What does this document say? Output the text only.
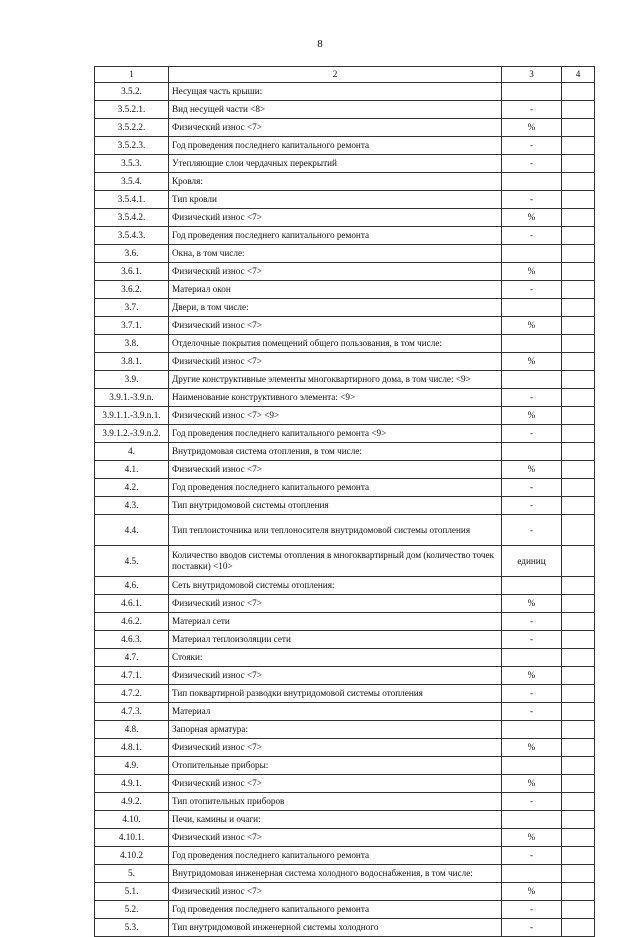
8
1	2	3	4
3.5.2.	Несущая часть крыши:		
3.5.2.1.	Вид несущей части <8>	-	
3.5.2.2.	Физический износ <7>	%	
3.5.2.3.	Год проведения последнего капитального ремонта	-	
3.5.3.	Утепляющие слои чердачных перекрытий	-	
3.5.4.	Кровля:		
3.5.4.1.	Тип кровли	-	
3.5.4.2.	Физический износ <7>	%	
3.5.4.3.	Год проведения последнего капитального ремонта	-	
3.6.	Окна, в том числе:		
3.6.1.	Физический износ <7>	%	
3.6.2.	Материал окон	-	
3.7.	Двери, в том числе:		
3.7.1.	Физический износ <7>	%	
3.8.	Отделочные покрытия помещений общего пользования, в том числе:		
3.8.1.	Физический износ <7>	%	
3.9.	Другие конструктивные элементы многоквартирного дома, в том числе: <9>		
3.9.1.-3.9.n.	Наименование конструктивного элемента: <9>	-	
3.9.1.1.-3.9.n.1.	Физический износ <7> <9>	%	
3.9.1.2.-3.9.n.2.	Год проведения последнего капитального ремонта <9>	-	
4.	Внутридомовая система отопления, в том числе:		
4.1.	Физический износ <7>	%	
4.2.	Год проведения последнего капитального ремонта	-	
4.3.	Тип внутридомовой системы отопления	-	
4.4.	Тип теплоисточника или теплоносителя внутридомовой системы отопления	-	
4.5.	Количество вводов системы отопления в многоквартирный дом (количество точек поставки) <10>	единиц	
4.6.	Сеть внутридомовой системы отопления:		
4.6.1.	Физический износ <7>	%	
4.6.2.	Материал сети	-	
4.6.3.	Материал теплоизоляции сети	-	
4.7.	Стояки:		
4.7.1.	Физический износ <7>	%	
4.7.2.	Тип поквартирной разводки внутридомовой системы отопления	-	
4.7.3.	Материал	-	
4.8.	Запорная арматура:		
4.8.1.	Физический износ <7>	%	
4.9.	Отопительные приборы:		
4.9.1.	Физический износ <7>	%	
4.9.2.	Тип отопительных приборов	-	
4.10.	Печи, камины и очаги:		
4.10.1.	Физический износ <7>	%	
4.10.2	Год проведения последнего капитального ремонта	-	
5.	Внутридомовая инженерная система холодного водоснабжения, в том числе:		
5.1.	Физический износ <7>	%	
5.2.	Год проведения последнего капитального ремонта	-	
5.3.	Тип внутридомовой инженерной системы холодного	-	
